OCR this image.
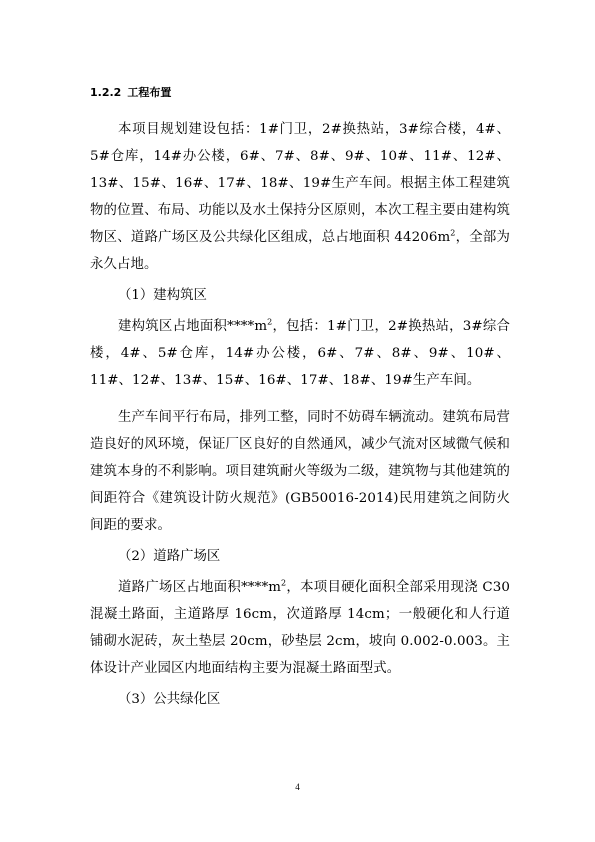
1.2.2 工程布置

本项目规划建设包括：1#门卫，2#换热站，3#综合楼，4#、5#仓库，14#办公楼，6#、7#、8#、9#、10#、11#、12#、13#、15#、16#、17#、18#、19#生产车间。根据主体工程建筑物的位置、布局、功能以及水土保持分区原则，本次工程主要由建构筑物区、道路广场区及公共绿化区组成，总占地面积 $44206m^2$，全部为永久占地。

（1）建构筑区

建构筑区占地面积$****m^2$，包括：1#门卫，2#换热站，3#综合楼，4#、5#仓库，14#办公楼，6#、7#、8#、9#、10#、11#、12#、13#、15#、16#、17#、18#、19#生产车间。

生产车间平行布局，排列工整，同时不妨碍车辆流动。建筑布局营造良好的风环境，保证厂区良好的自然通风，减少气流对区域微气候和建筑本身的不利影响。项目建筑耐火等级为二级，建筑物与其他建筑的间距符合《建筑设计防火规范》(GB50016-2014)民用建筑之间防火间距的要求。

（2）道路广场区

道路广场区占地面积$****m^2$，本项目硬化面积全部采用现浇 C30 混凝土路面，主道路厚 16cm，次道路厚 14cm；一般硬化和人行道铺砌水泥砖，灰土垫层 20cm，砂垫层 2cm，坡向 0.002-0.003。主体设计产业园区内地面结构主要为混凝土路面型式。

（3）公共绿化区

4
